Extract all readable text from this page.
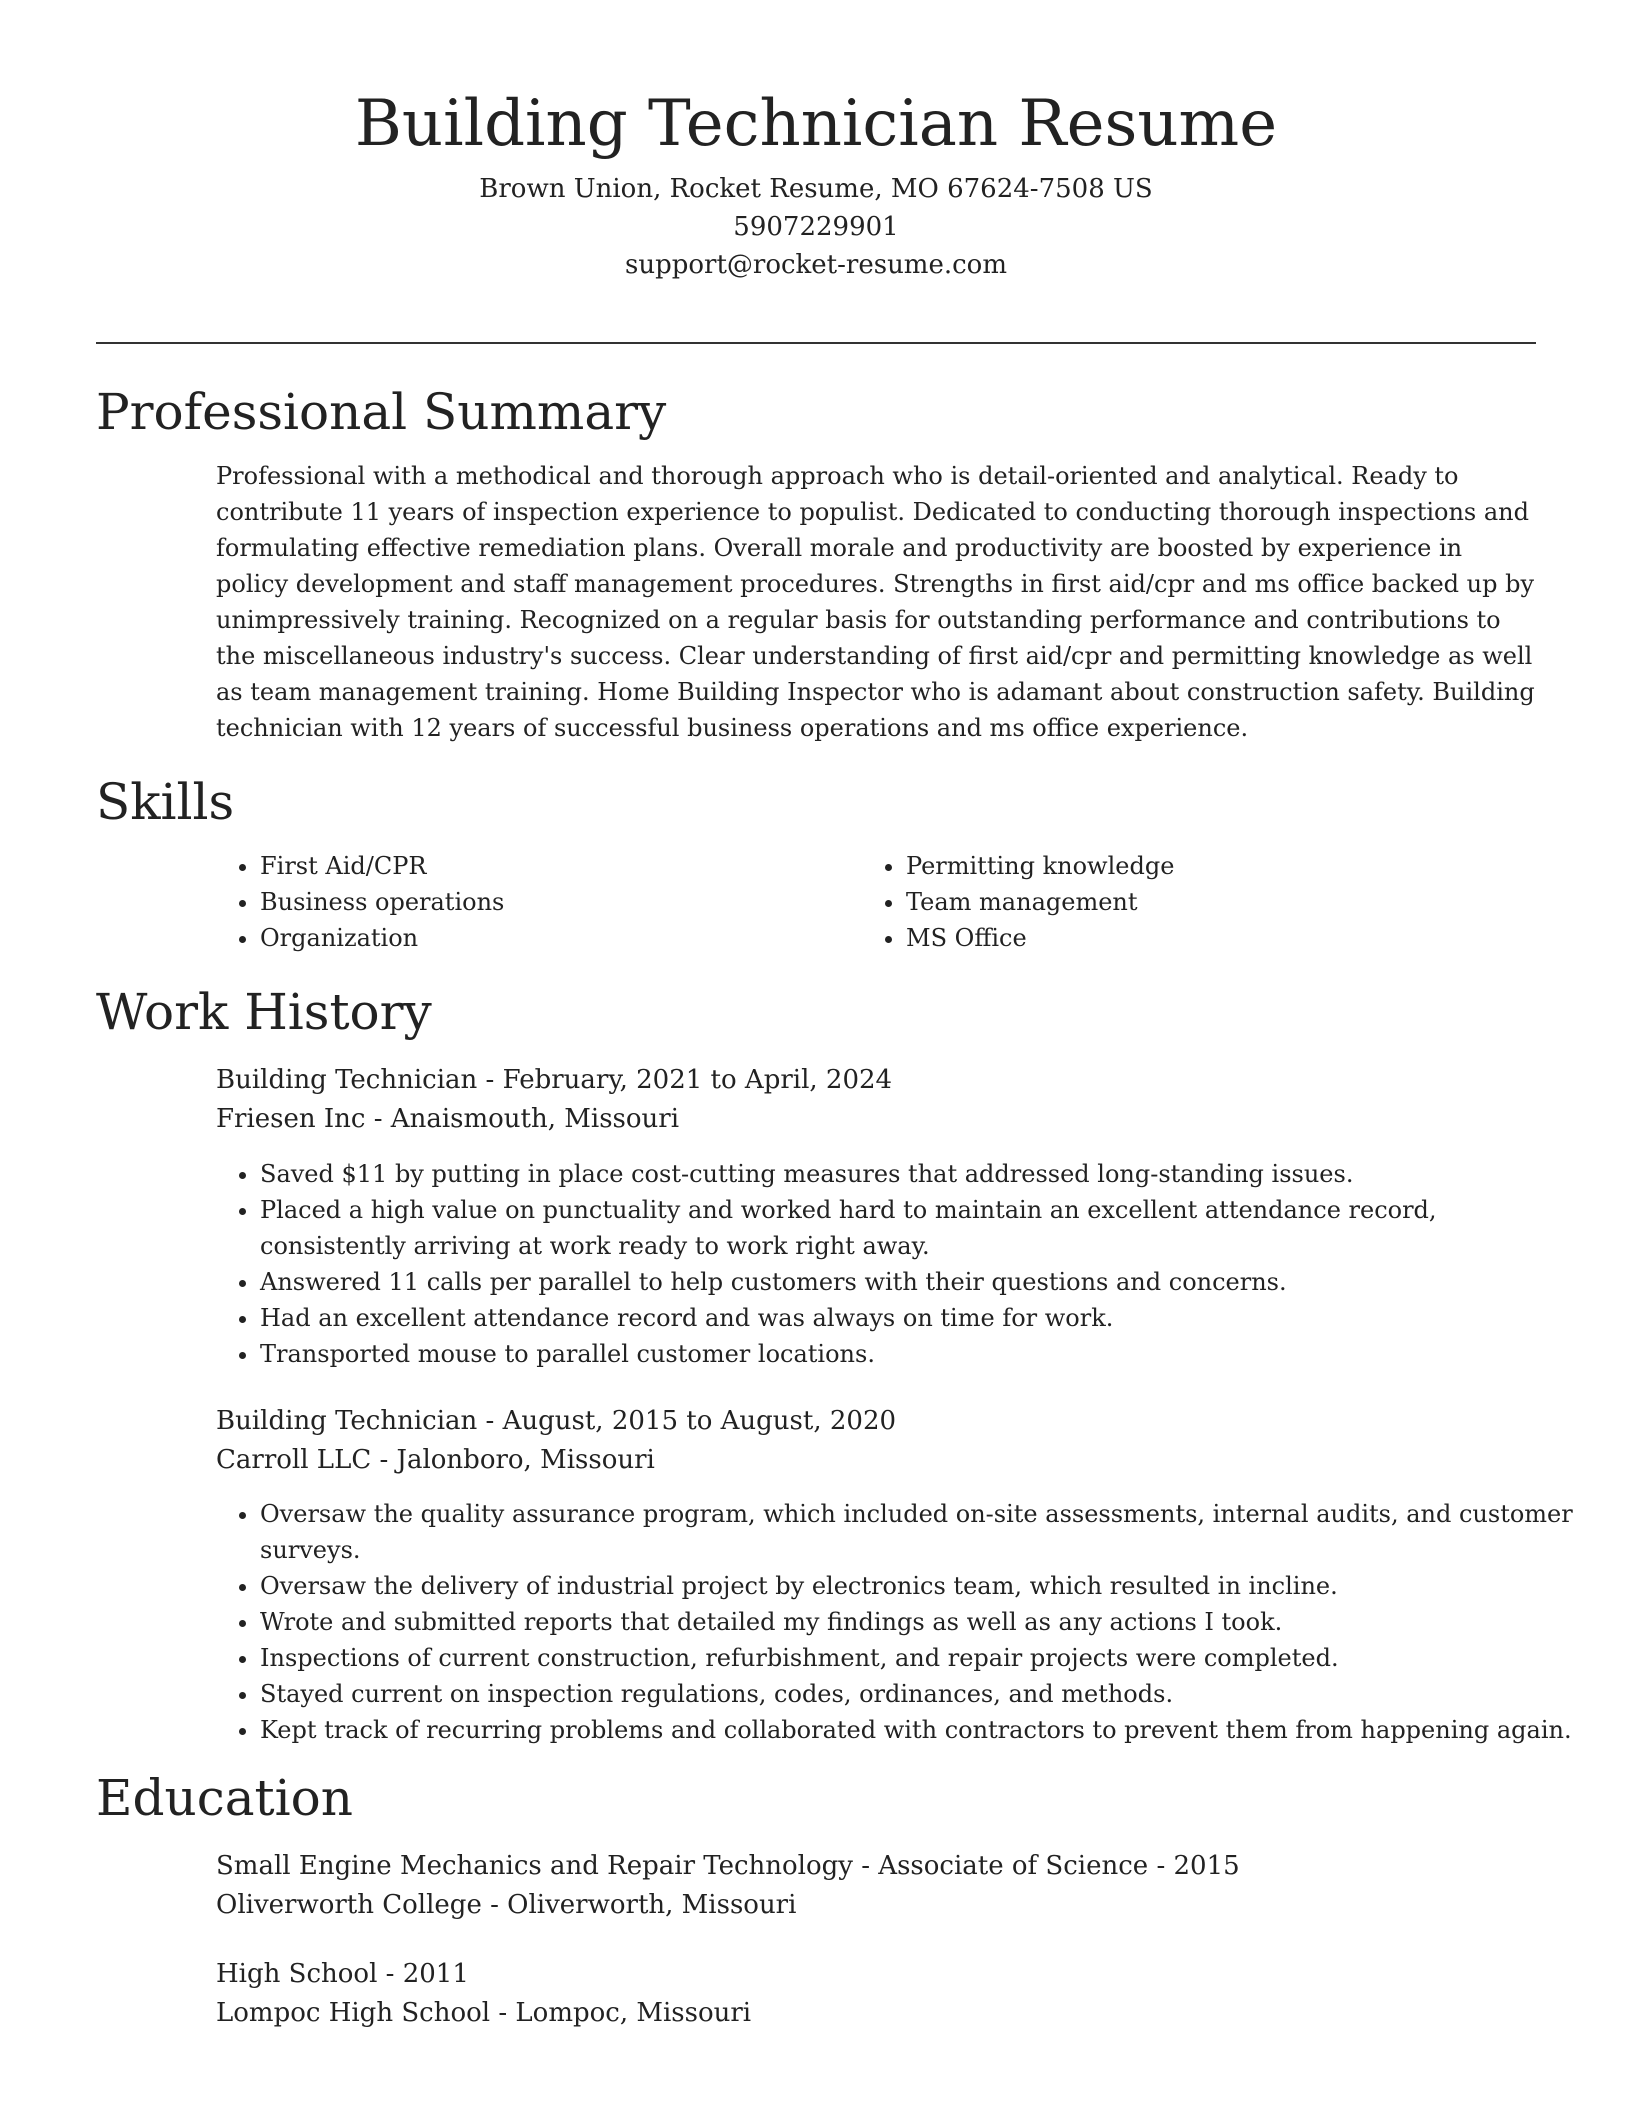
Building Technician Resume

Brown Union, Rocket Resume, MO 67624-7508 US

5907229901

support@rocket-resume.com

Professional Summary

Professional with a methodical and thorough approach who is detail-oriented and analytical. Ready to contribute 11 years of inspection experience to populist. Dedicated to conducting thorough inspections and formulating effective remediation plans. Overall morale and productivity are boosted by experience in policy development and staff management procedures. Strengths in first aid/cpr and ms office backed up by unimpressively training. Recognized on a regular basis for outstanding performance and contributions to the miscellaneous industry's success. Clear understanding of first aid/cpr and permitting knowledge as well as team management training. Home Building Inspector who is adamant about construction safety. Building technician with 12 years of successful business operations and ms office experience.

Skills
• First Aid/CPR
• Business operations
• Organization
• Permitting knowledge
• Team management
• MS Office
Work History

Building Technician - February, 2021 to April, 2024

Friesen Inc - Anaismouth, Missouri

• Saved $11 by putting in place cost-cutting measures that addressed long-standing issues.
• Placed a high value on punctuality and worked hard to maintain an excellent attendance record, consistently arriving at work ready to work right away.
• Answered 11 calls per parallel to help customers with their questions and concerns.
• Had an excellent attendance record and was always on time for work.
• Transported mouse to parallel customer locations.

Building Technician - August, 2015 to August, 2020

Carroll LLC - Jalonboro, Missouri

• Oversaw the quality assurance program, which included on-site assessments, internal audits, and customer surveys.
• Oversaw the delivery of industrial project by electronics team, which resulted in incline.
• Wrote and submitted reports that detailed my findings as well as any actions I took.
• Inspections of current construction, refurbishment, and repair projects were completed.
• Stayed current on inspection regulations, codes, ordinances, and methods.
• Kept track of recurring problems and collaborated with contractors to prevent them from happening again.
Education

Small Engine Mechanics and Repair Technology - Associate of Science - 2015

Oliverworth College - Oliverworth, Missouri

High School - 2011

Lompoc High School - Lompoc, Missouri
